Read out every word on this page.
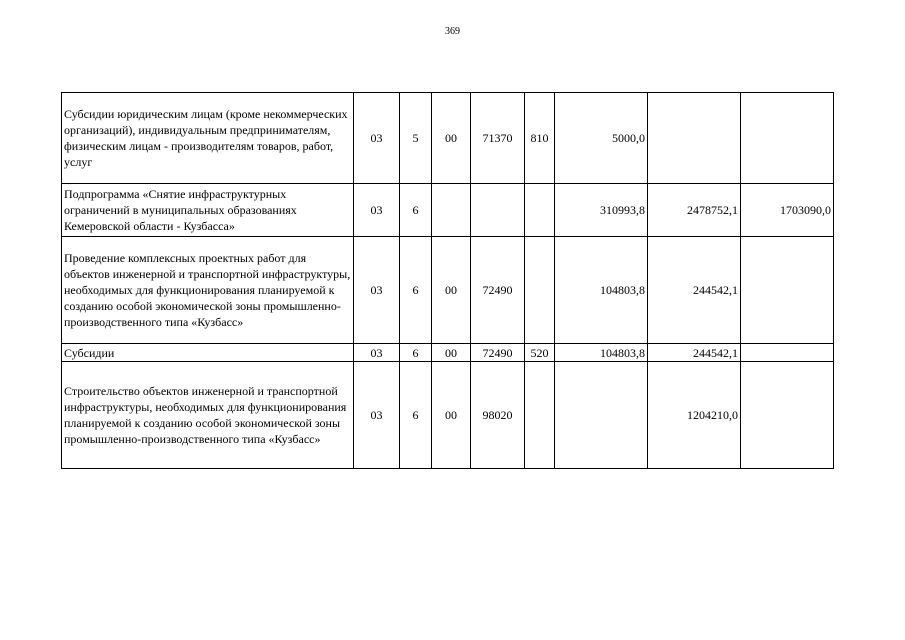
369
Субсидии юридическим лицам (кроме некоммерческих организаций), индивидуальным предпринимателям, физическим лицам - производителям товаров, работ, услуг	03	5	00	71370	810	5000,0		
Подпрограмма «Снятие инфраструктурных ограничений в муниципальных образованиях Кемеровской области - Кузбасса»	03	6				310993,8	2478752,1	1703090,0
Проведение комплексных проектных работ для объектов инженерной и транспортной инфраструктуры, необходимых для функционирования планируемой к созданию особой экономической зоны промышленно-производственного типа «Кузбасс»	03	6	00	72490		104803,8	244542,1	
Субсидии	03	6	00	72490	520	104803,8	244542,1	
Строительство объектов инженерной и транспортной инфраструктуры, необходимых для функционирования планируемой к созданию особой экономической зоны промышленно-производственного типа «Кузбасс»	03	6	00	98020			1204210,0	
